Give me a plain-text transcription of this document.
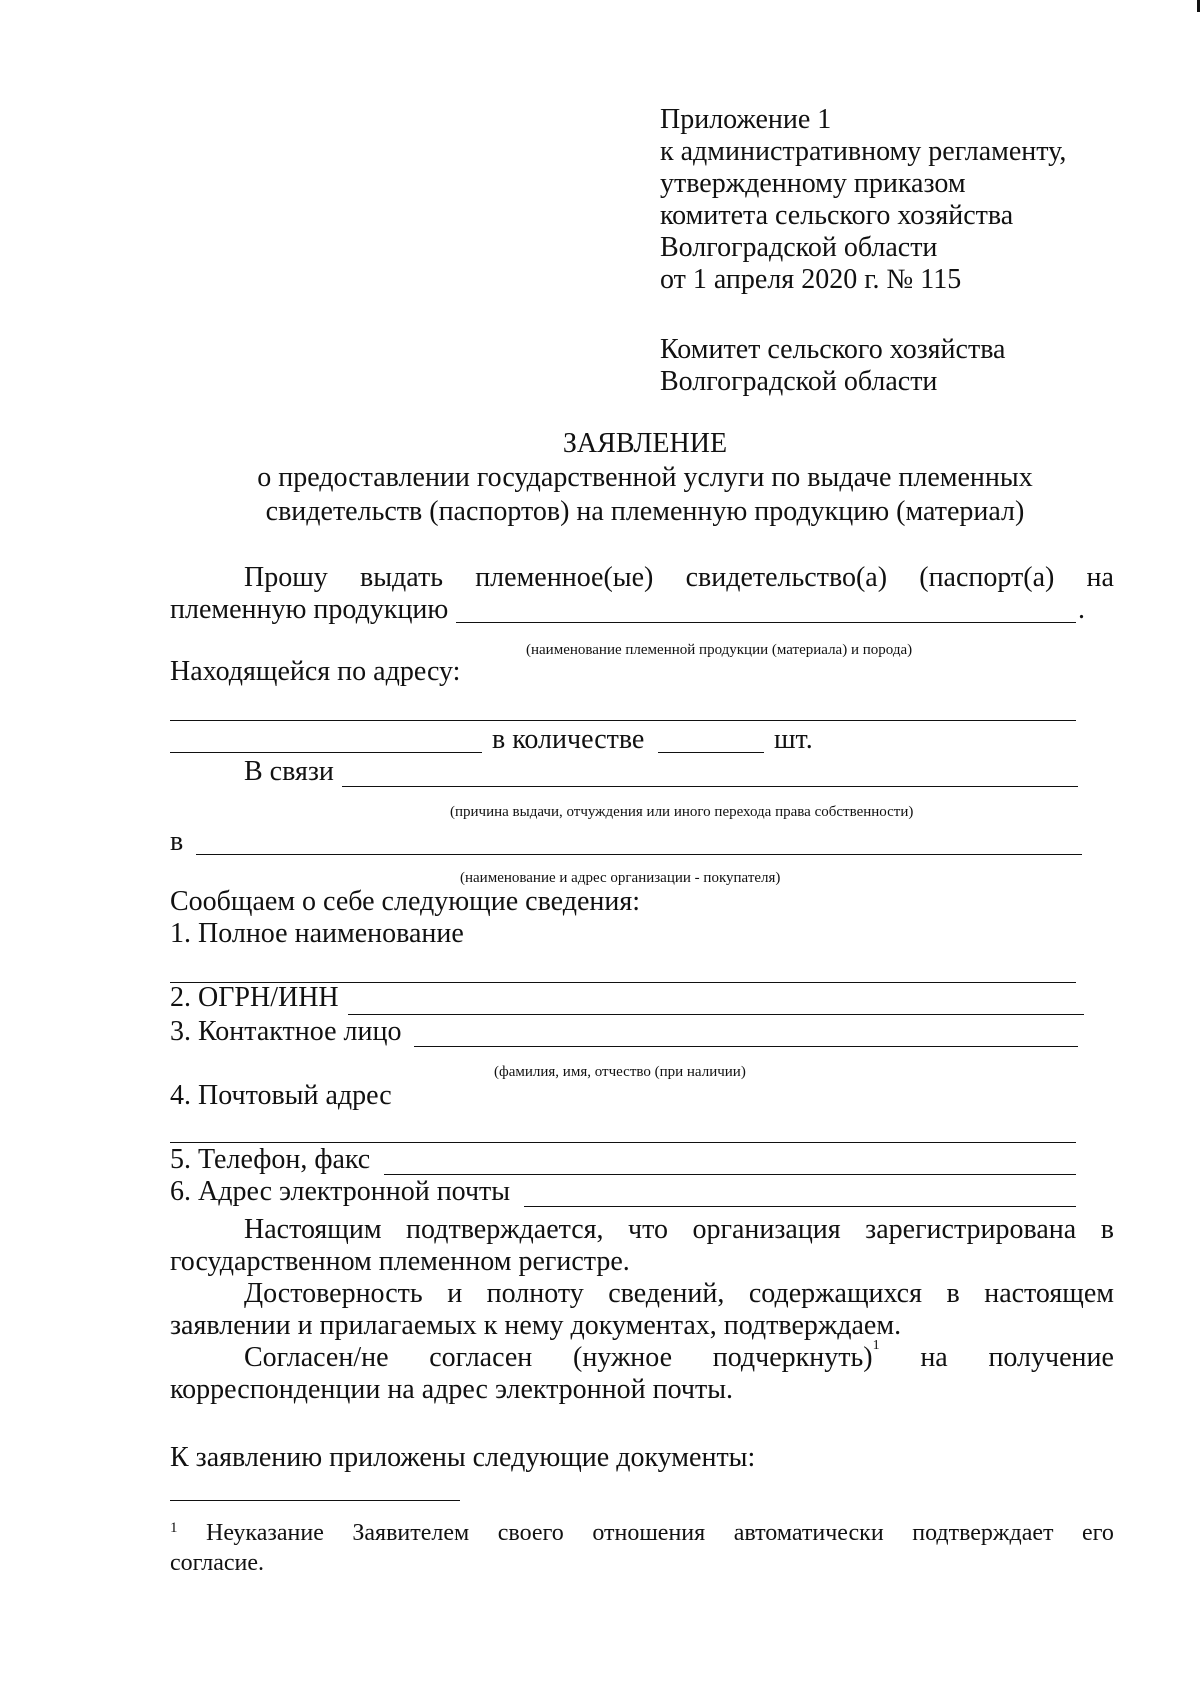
Приложение 1
к административному регламенту,
утвержденному приказом
комитета сельского хозяйства
Волгоградской области
от 1 апреля 2020 г. № 115
Комитет сельского хозяйства
Волгоградской области
ЗАЯВЛЕНИЕ
о предоставлении государственной услуги по выдаче племенных
свидетельств (паспортов) на племенную продукцию (материал)
Прошу выдать племенное(ые) свидетельство(а) (паспорт(а) на
племенную продукцию	.
(наименование племенной продукции (материала) и порода)
Находящейся по адресу:
в количестве	шт.
В связи
(причина выдачи, отчуждения или иного перехода права собственности)
в
(наименование и адрес организации - покупателя)
Сообщаем о себе следующие сведения:
1. Полное наименование
2. ОГРН/ИНН
3. Контактное лицо
(фамилия, имя, отчество (при наличии)
4. Почтовый адрес
5. Телефон, факс
6. Адрес электронной почты
Настоящим подтверждается, что организация зарегистрирована в
государственном племенном регистре.
Достоверность и полноту сведений, содержащихся в настоящем
заявлении и прилагаемых к нему документах, подтверждаем.
Согласен/не согласен (нужное подчеркнуть)$^1$ на получение
корреспонденции на адрес электронной почты.
К заявлению приложены следующие документы:
1 Неуказание Заявителем своего отношения автоматически подтверждает его
согласие.
